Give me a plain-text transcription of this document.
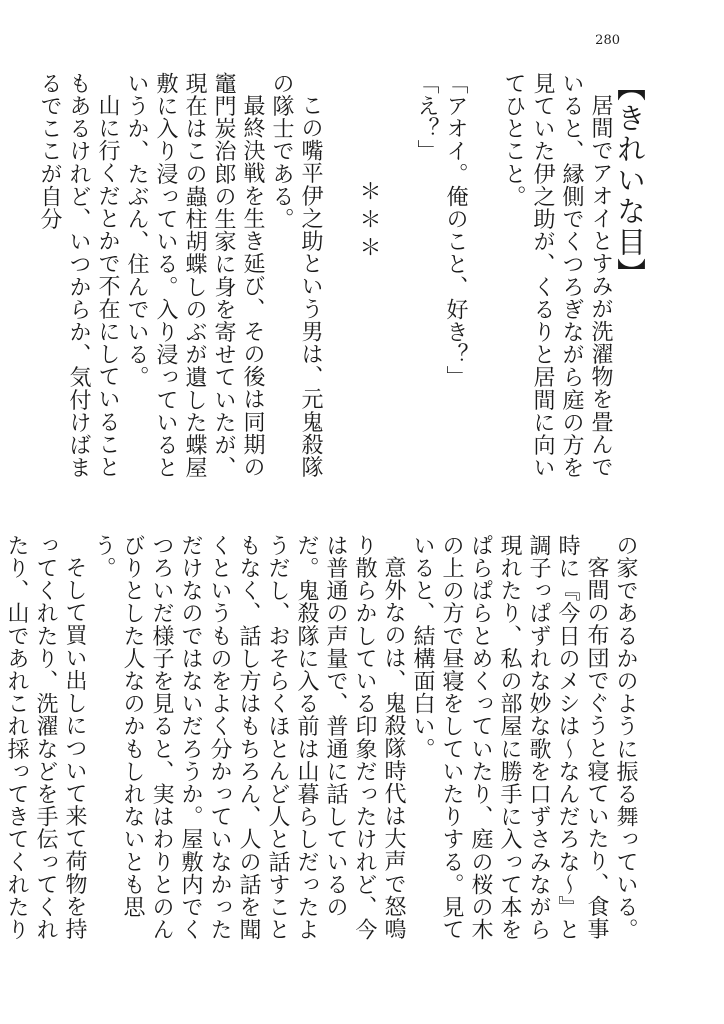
280

【きれいな目】

居間でアオイとすみが洗濯物を畳んでいると、縁側でくつろぎながら庭の方を見ていた伊之助が、くるりと居間に向いてひとこと。

「アオイ。俺のこと、好き？」

「え？」

＊＊＊

この嘴平伊之助という男は、元鬼殺隊の隊士である。

最終決戦を生き延び、その後は同期の竈門炭治郎の生家に身を寄せていたが、現在はこの蟲柱胡蝶しのぶが遺した蝶屋敷に入り浸っている。入り浸っているというか、たぶん、住んでいる。

山に行くだとかで不在にしていることもあるけれど、いつからか、気付けばまるでここが自分

の家であるかのように振る舞っている。

客間の布団でぐうと寝ていたり、食事時に『今日のメシは～なんだろな～』と調子っぱずれな妙な歌を口ずさみながら現れたり、私の部屋に勝手に入って本をぱらぱらとめくっていたり、庭の桜の木の上の方で昼寝をしていたりする。見ていると、結構面白い。

意外なのは、鬼殺隊時代は大声で怒鳴り散らかしている印象だったけれど、今は普通の声量で、普通に話しているのだ。鬼殺隊に入る前は山暮らしだったようだし、おそらくほとんど人と話すこともなく、話し方はもちろん、人の話を聞くというものをよく分かっていなかっただけなのではないだろうか。屋敷内でくつろいだ様子を見ると、実はわりとのんびりとした人なのかもしれないとも思う。

そして買い出しについて来て荷物を持ってくれたり、洗濯などを手伝ってくれたり、山であれこれ採ってきてくれたり
